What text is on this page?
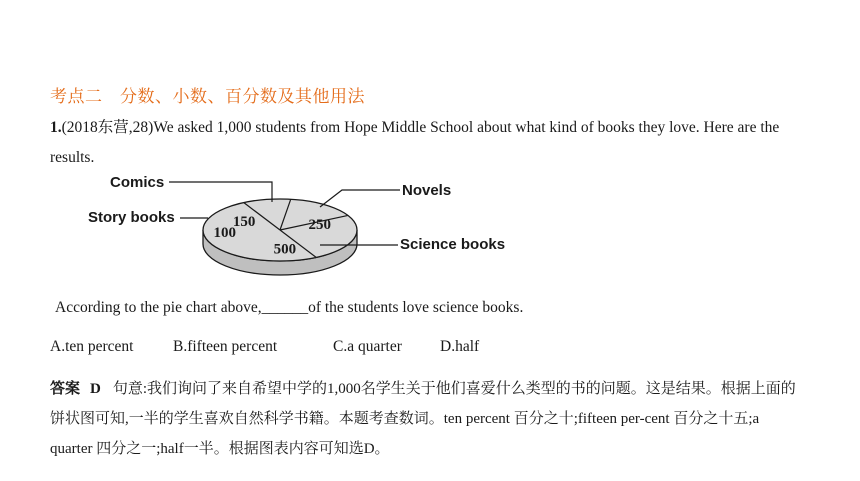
考点二　分数、小数、百分数及其他用法
1.(2018东营,28)We asked 1,000 students from Hope Middle School about what kind of books they love. Here are the results.
150	250
500
100
Comics	Novels
Science books
Story books
According to the pie chart above,______of the students love science books.
A.ten percent	B.fifteen percent	C.a quarter D.half
答案 D 句意:我们询问了来自希望中学的1,000名学生关于他们喜爱什么类型的书的问题。这是结果。根据上面的饼状图可知,一半的学生喜欢自然科学书籍。本题考查数词。ten percent 百分之十;fifteen per-cent 百分之十五;a quarter 四分之一;half一半。根据图表内容可知选D。
